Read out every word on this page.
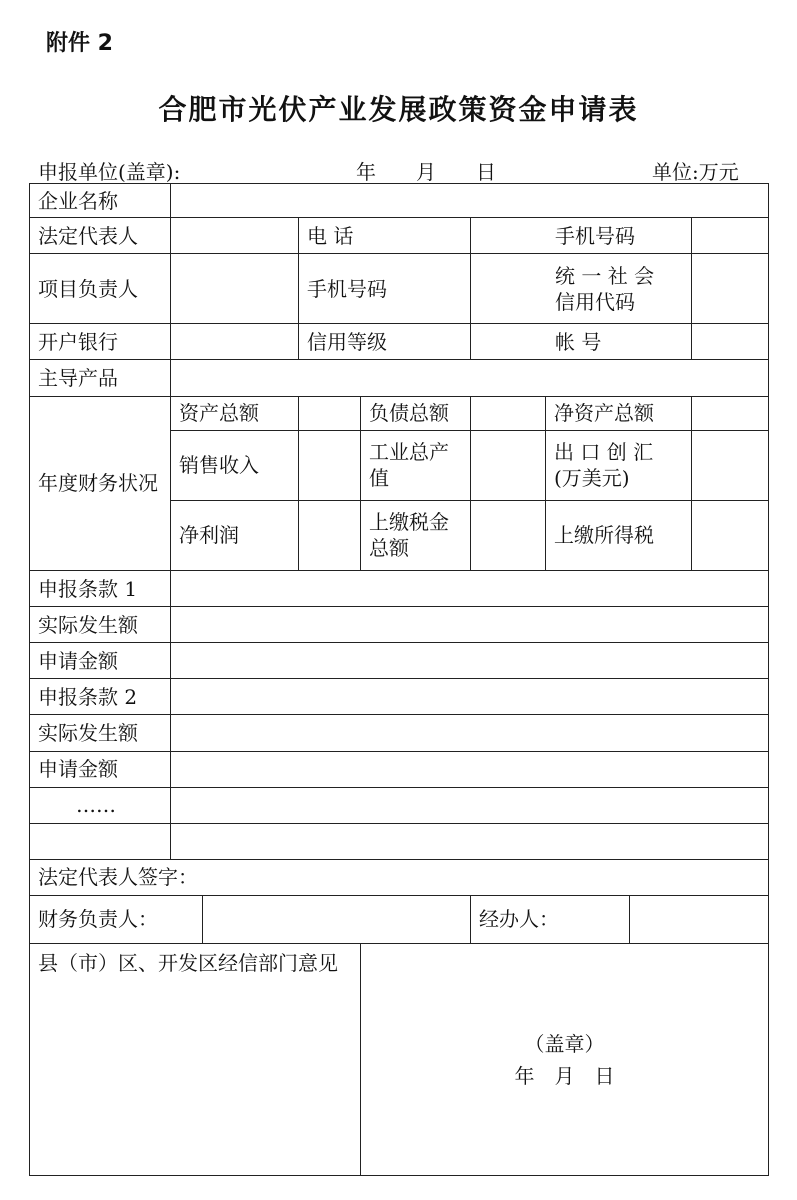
附件 2
合肥市光伏产业发展政策资金申请表
申报单位(盖章):	年 月 日	单位:万元
企业名称								
法定代表人			电 话		手机号码			
项目负责人			手机号码		统 一 社 会
信用代码			

开户银行			信用等级		帐 号			
主导产品								
年度财务状况	资产总额			负债总额		净资产总额		
	销售收入			工业总产值		出 口 创 汇
(万美元)		

	净利润			上缴税金总额		上缴所得税		
申报条款 1								
实际发生额								
申请金额								
申报条款 2								
实际发生额								
申请金额								
……								

法定代表人签字：								
财务负责人：					经办人：			
县（市）区、开发区经信部门意见				（盖章）
年　月　日				
